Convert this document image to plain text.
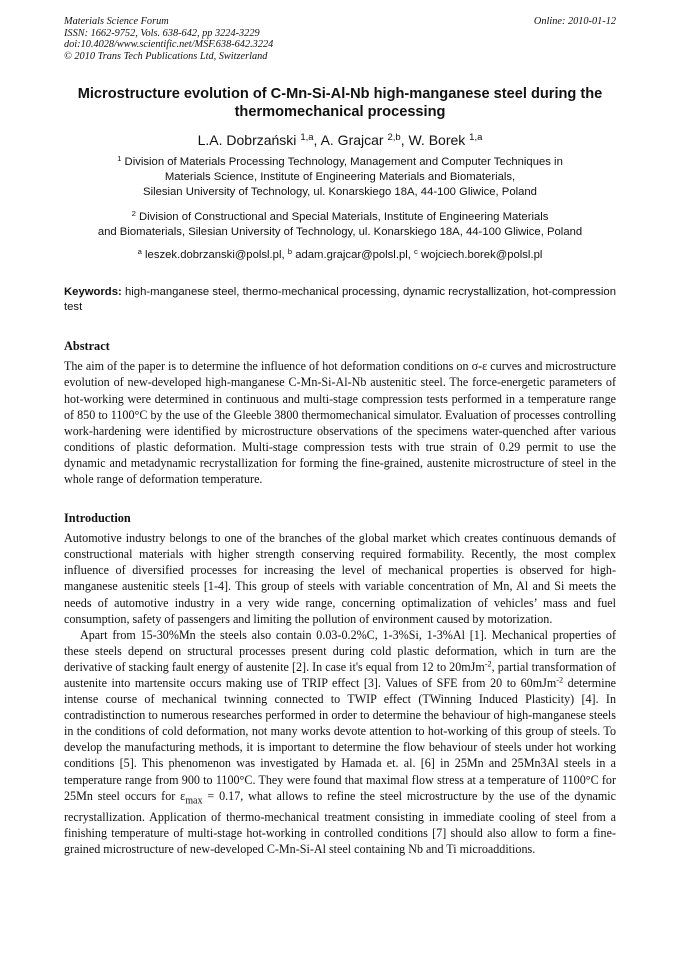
Materials Science Forum
ISSN: 1662-9752, Vols. 638-642, pp 3224-3229
doi:10.4028/www.scientific.net/MSF.638-642.3224
© 2010 Trans Tech Publications Ltd, Switzerland
Online: 2010-01-12
Microstructure evolution of C-Mn-Si-Al-Nb high-manganese steel during the thermomechanical processing
L.A. Dobrzański $^{1,a}$, A. Grajcar $^{2,b}$, W. Borek $^{1,a}$
$^1$ Division of Materials Processing Technology, Management and Computer Techniques in
Materials Science, Institute of Engineering Materials and Biomaterials,
Silesian University of Technology, ul. Konarskiego 18A, 44-100 Gliwice, Poland
$^2$ Division of Constructional and Special Materials, Institute of Engineering Materials
and Biomaterials, Silesian University of Technology, ul. Konarskiego 18A, 44-100 Gliwice, Poland
$^a$ leszek.dobrzanski@polsl.pl, $^b$ adam.grajcar@polsl.pl, $^c$ wojciech.borek@polsl.pl
Keywords: high-manganese steel, thermo-mechanical processing, dynamic recrystallization, hot-compression test
Abstract

The aim of the paper is to determine the influence of hot deformation conditions on σ-ε curves and microstructure evolution of new-developed high-manganese C-Mn-Si-Al-Nb austenitic steel. The force-energetic parameters of hot-working were determined in continuous and multi-stage compression tests performed in a temperature range of 850 to 1100°C by the use of the Gleeble 3800 thermomechanical simulator. Evaluation of processes controlling work-hardening were identified by microstructure observations of the specimens water-quenched after various conditions of plastic deformation. Multi-stage compression tests with true strain of 0.29 permit to use the dynamic and metadynamic recrystallization for forming the fine-grained, austenite microstructure of steel in the whole range of deformation temperature.

Introduction

Automotive industry belongs to one of the branches of the global market which creates continuous demands of constructional materials with higher strength conserving required formability. Recently, the most complex influence of diversified processes for increasing the level of mechanical properties is observed for high-manganese austenitic steels [1-4]. This group of steels with variable concentration of Mn, Al and Si meets the needs of automotive industry in a very wide range, concerning optimalization of vehicles’ mass and fuel consumption, safety of passengers and limiting the pollution of environment caused by motorization.

Apart from 15-30%Mn the steels also contain 0.03-0.2%C, 1-3%Si, 1-3%Al [1]. Mechanical properties of these steels depend on structural processes present during cold plastic deformation, which in turn are the derivative of stacking fault energy of austenite [2]. In case it's equal from 12 to 20mJm$^{-2}$, partial transformation of austenite into martensite occurs making use of TRIP effect [3]. Values of SFE from 20 to 60mJm$^{-2}$ determine intense course of mechanical twinning connected to TWIP effect (TWinning Induced Plasticity) [4]. In contradistinction to numerous researches performed in order to determine the behaviour of high-manganese steels in the conditions of cold deformation, not many works devote attention to hot-working of this group of steels. To develop the manufacturing methods, it is important to determine the flow behaviour of steels under hot working conditions [5]. This phenomenon was investigated by Hamada et. al. [6] in 25Mn and 25Mn3Al steels in a temperature range from 900 to 1100°C. They were found that maximal flow stress at a temperature of 1100°C for 25Mn steel occurs for $\varepsilon_{max} = 0.17$, what allows to refine the steel microstructure by the use of the dynamic recrystallization. Application of thermo-mechanical treatment consisting in immediate cooling of steel from a finishing temperature of multi-stage hot-working in controlled conditions [7] should also allow to form a fine-grained microstructure of new-developed C-Mn-Si-Al steel containing Nb and Ti microadditions.
